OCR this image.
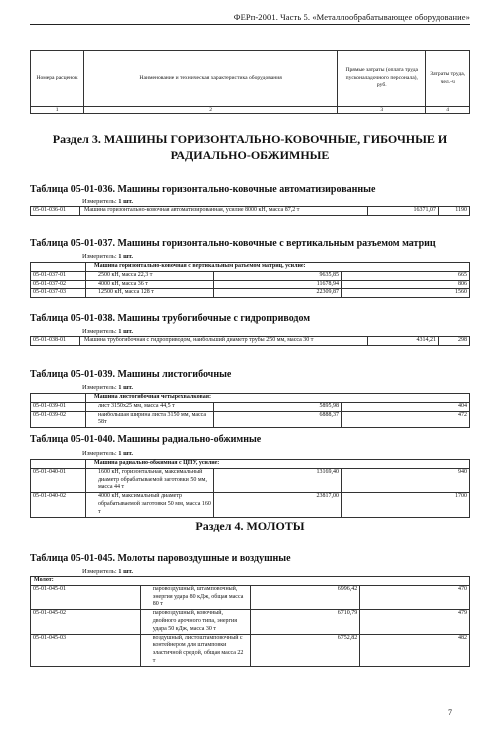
ФЕРп-2001. Часть 5. «Металлообрабатывающее оборудование»
Номера расценок	Наименование и техническая характеристика оборудования	Прямые затраты (оплата труда пусконаладочного персонала), руб.	Затраты труда, чел.-ч
1	2	3	4
Раздел 3. МАШИНЫ ГОРИЗОНТАЛЬНО-КОВОЧНЫЕ, ГИБОЧНЫЕ И
РАДИАЛЬНО-ОБЖИМНЫЕ
Таблица 05-01-036. Машины горизонтально-ковочные автоматизированные
Измеритель: 1 шт.
05-01-036-01	Машина горизонтально-ковочная автоматизированная, усилие 8000 кН, масса 87,2 т	16371,07	1190
Таблица 05-01-037. Машины горизонтально-ковочные с вертикальным разъемом матриц
Измеритель: 1 шт.
	Машина горизонтально-ковочная с вертикальным разъемом матриц, усилие:		
05-01-037-01	2500 кН, масса 22,3 т	9635,85	665
05-01-037-02	4000 кН, масса 36 т	11678,94	806
05-01-037-03	12500 кН, масса 128 т	22309,87	1560
Таблица 05-01-038. Машины трубогибочные с гидроприводом
Измеритель: 1 шт.
05-01-038-01	Машина трубогибочная с гидроприводом, наибольший диаметр трубы 250 мм, масса 30 т	4314,21	298
Таблица 05-01-039. Машины листогибочные
Измеритель: 1 шт.
	Машина листогибочная четырехвалковая:		
05-01-039-01	лист 3150х25 мм, масса 44,5 т	5895,98	404
05-01-039-02	наибольшая ширина листа 3150 мм, масса 58т	6888,37	472
Таблица 05-01-040. Машины радиально-обжимные
Измеритель: 1 шт.
	Машина радиально-обжимная с ЦПУ, усилие:		
05-01-040-01	1600 кН, горизонтальная, максимальный диаметр обрабатываемой заготовки 50 мм, масса 44 т	13169,40	940
05-01-040-02	4000 кН, максимальный диаметр обрабатываемой заготовки 50 мм, масса 160 т	23817,00	1700
Раздел 4. МОЛОТЫ
Таблица 05-01-045. Молоты паровоздушные и воздушные
Измеритель: 1 шт.
Молот:			
05-01-045-01	паровоздушный, штамповочный, энергия удара 80 кДж, общая масса 80 т	6996,42	470
05-01-045-02	паровоздушный, ковочный, двойного арочного типа, энергия удара 50 кДж, масса 30 т	6710,79	479
05-01-045-03	воздушный, листоштамповочный с контейнером для штамповки эластичной средой, общая масса 22 т	6752,82	482
7
